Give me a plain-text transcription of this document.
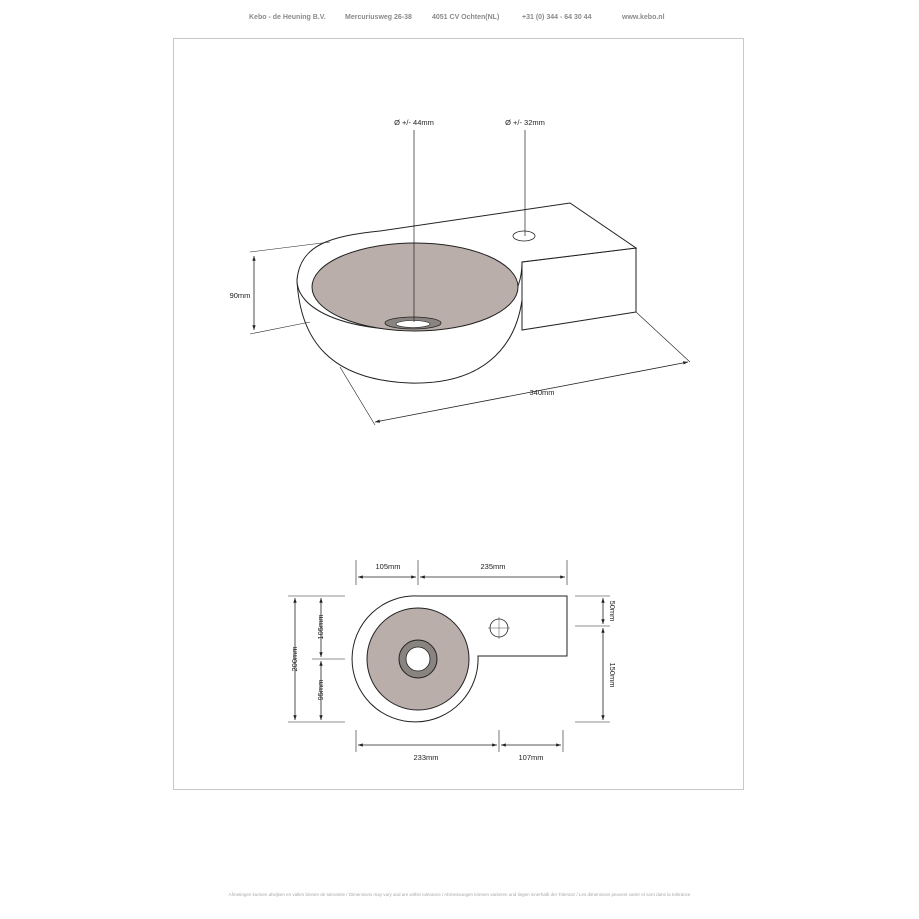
Kebo - de Heuning B.V.	Mercuriusweg 26-38	4051 CV Ochten(NL)	+31 (0) 344 - 64 30 44	www.kebo.nl
Ø +/- 44mm	Ø +/- 32mm
90mm
340mm
105mm	235mm
200mm
105mm
95mm
50mm
150mm
233mm	107mm
Afmetingen kunnen afwijken en vallen binnen de tolerantie / Dimensions may vary and are within tolerance / Abmessungen können variieren und liegen innerhalb der Toleranz / Les dimensions peuvent varier et sont dans la tolérance
